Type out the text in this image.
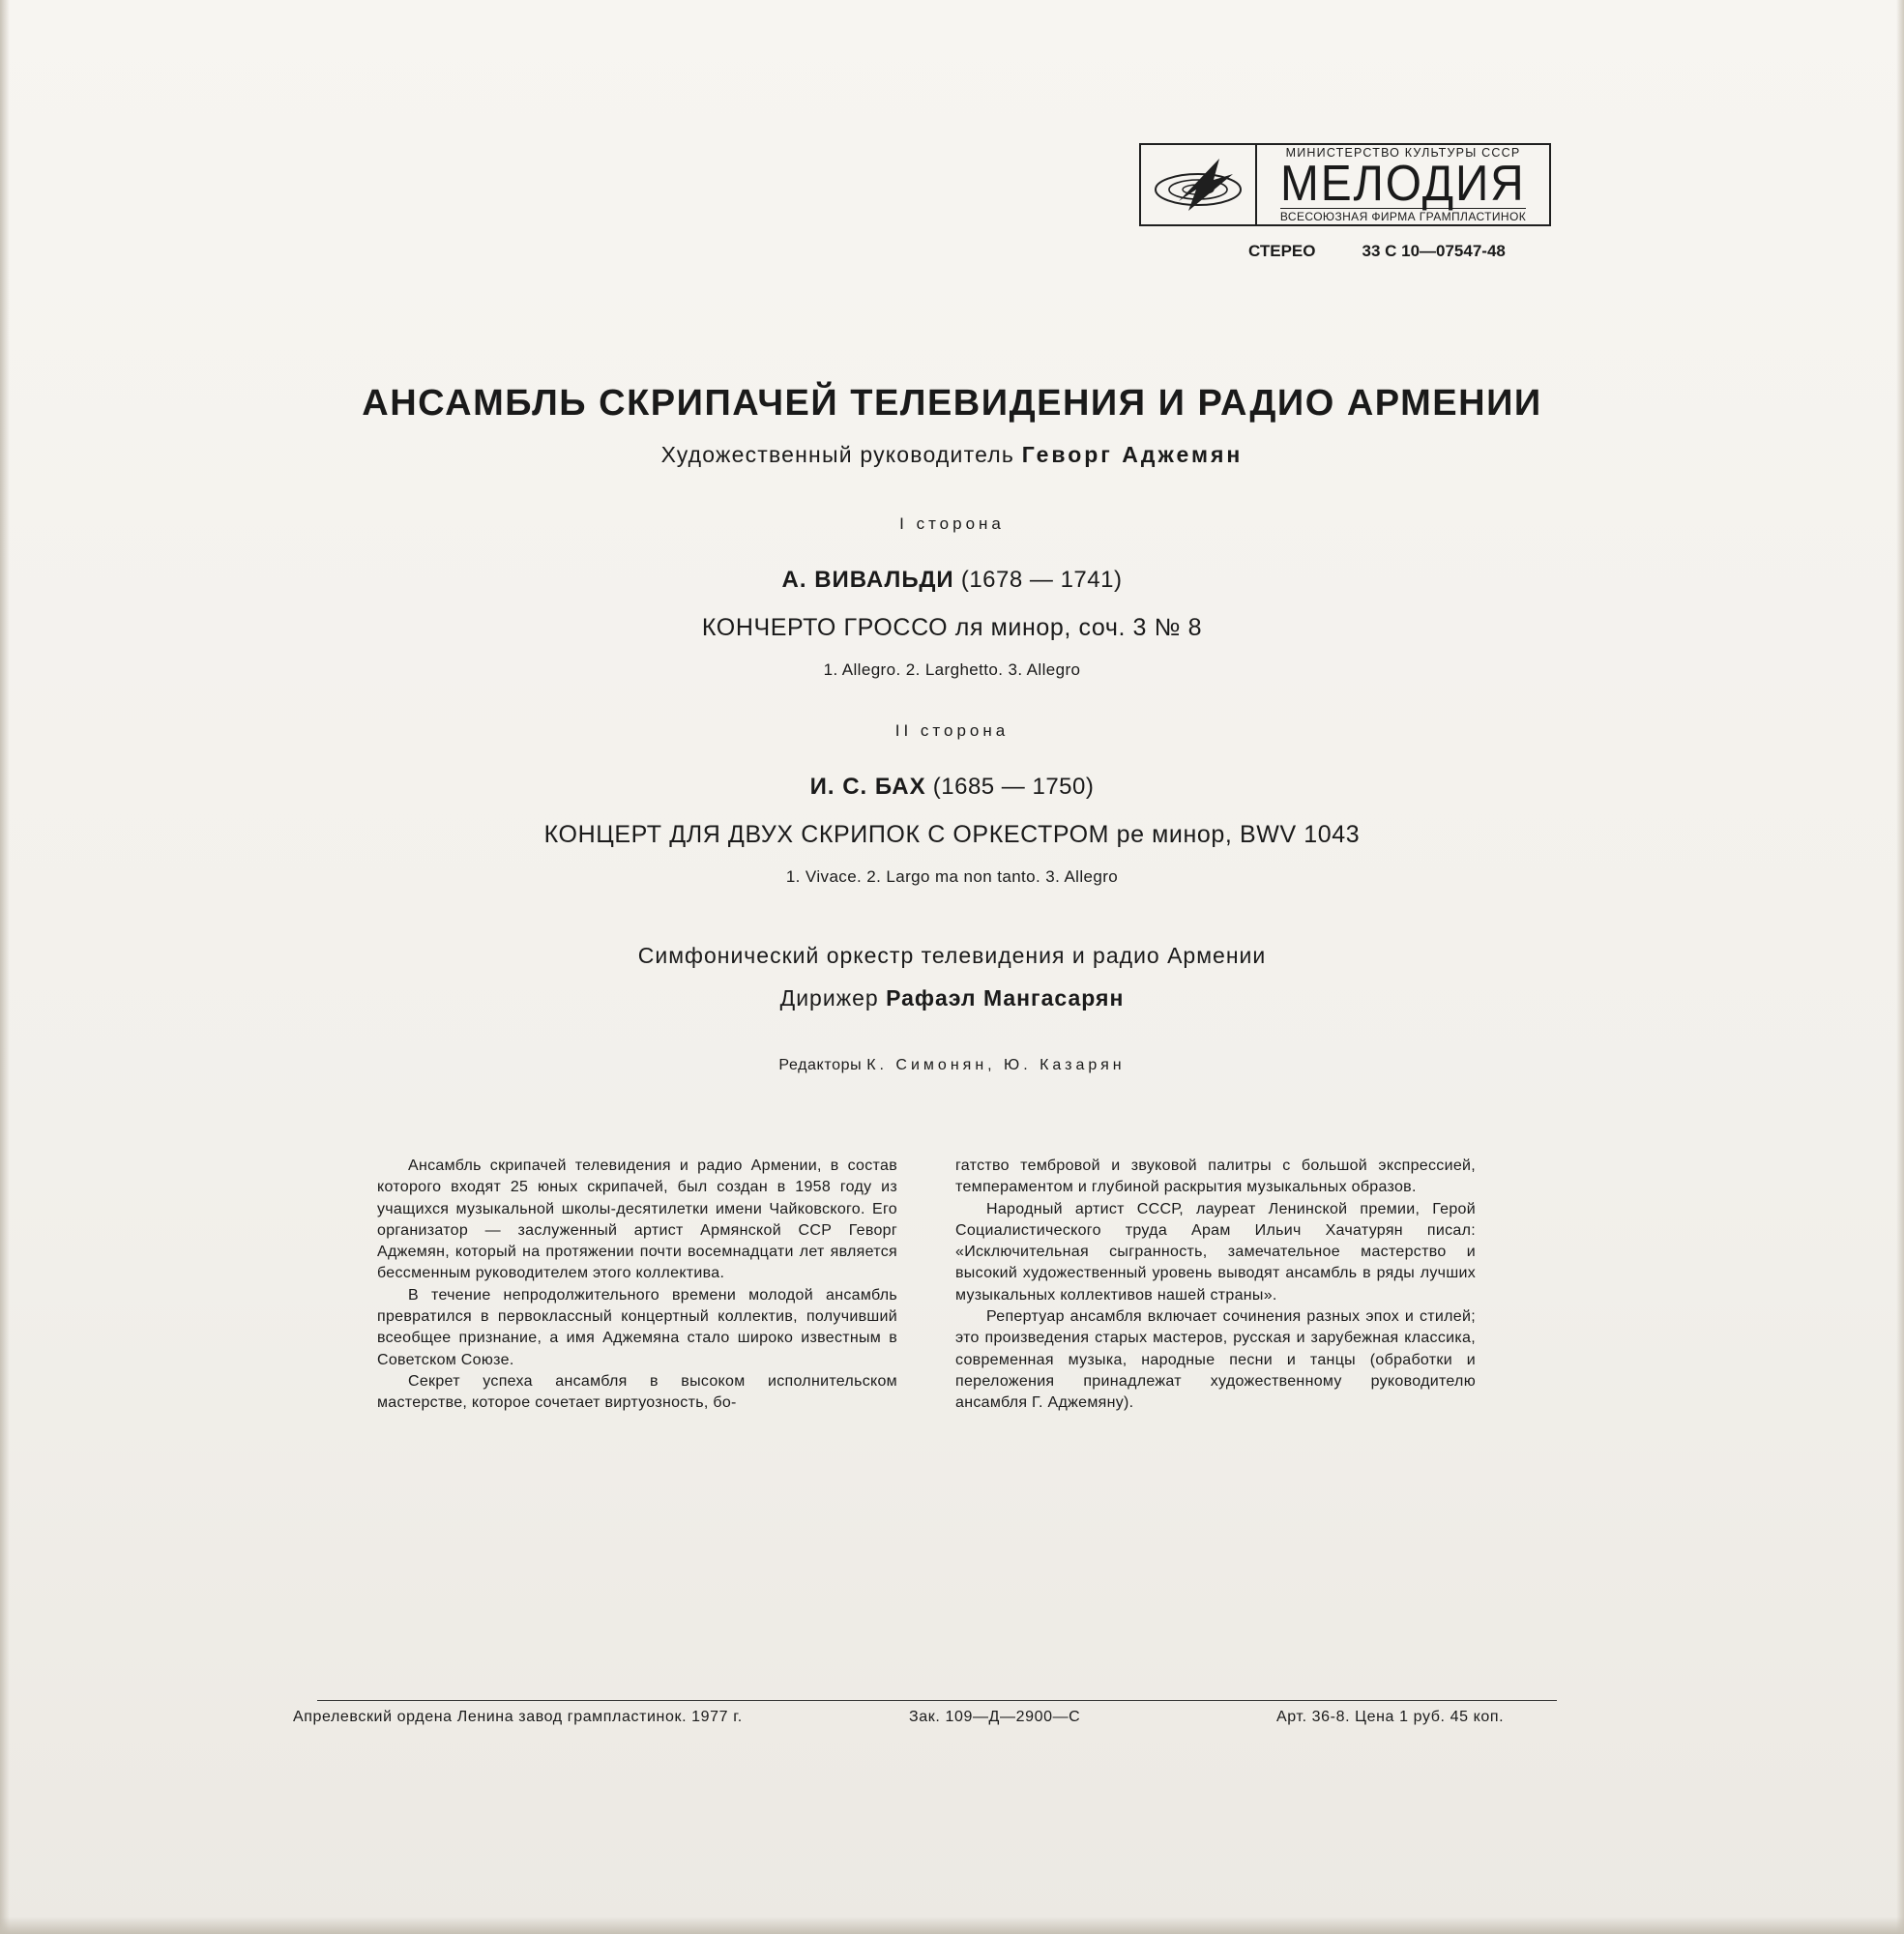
МИНИСТЕРСТВО КУЛЬТУРЫ СССР
МЕЛОДИЯ
ВСЕСОЮЗНАЯ ФИРМА ГРАМПЛАСТИНОК
СТЕРЕО	33 С 10—07547-48
АНСАМБЛЬ СКРИПАЧЕЙ ТЕЛЕВИДЕНИЯ И РАДИО АРМЕНИИ
Художественный руководитель Геворг Аджемян
I сторона
А. ВИВАЛЬДИ (1678 — 1741)
КОНЧЕРТО ГРОССО ля минор, соч. 3 № 8
1. Allegro. 2. Larghetto. 3. Allegro
II сторона
И. С. БАХ (1685 — 1750)
КОНЦЕРТ ДЛЯ ДВУХ СКРИПОК С ОРКЕСТРОМ ре минор, BWV 1043
1. Vivace. 2. Largo ma non tanto. 3. Allegro
Симфонический оркестр телевидения и радио Армении
Дирижер Рафаэл Мангасарян
Редакторы К. Симонян, Ю. Казарян

Ансамбль скрипачей телевидения и радио Армении, в состав которого входят 25 юных скрипачей, был создан в 1958 году из учащихся музыкальной школы-десятилетки имени Чайковского. Его организатор — заслуженный артист Армянской ССР Геворг Аджемян, который на протяжении почти восемнадцати лет является бессменным руководителем этого коллектива.

В течение непродолжительного времени молодой ансамбль превратился в первоклассный концертный коллектив, получивший всеобщее признание, а имя Аджемяна стало широко известным в Советском Союзе.

Секрет успеха ансамбля в высоком исполнительском мастерстве, которое сочетает виртуозность, бо-

гатство тембровой и звуковой палитры с большой экспрессией, темпераментом и глубиной раскрытия музыкальных образов.

Народный артист СССР, лауреат Ленинской премии, Герой Социалистического труда Арам Ильич Хачатурян писал: «Исключительная сыгранность, замечательное мастерство и высокий художественный уровень выводят ансамбль в ряды лучших музыкальных коллективов нашей страны».

Репертуар ансамбля включает сочинения разных эпох и стилей; это произведения старых мастеров, русская и зарубежная классика, современная музыка, народные песни и танцы (обработки и переложения принадлежат художественному руководителю ансамбля Г. Аджемяну).

Апрелевский ордена Ленина завод грампластинок. 1977 г.	Зак. 109—Д—2900—С	Арт. 36-8. Цена 1 руб. 45 коп.
